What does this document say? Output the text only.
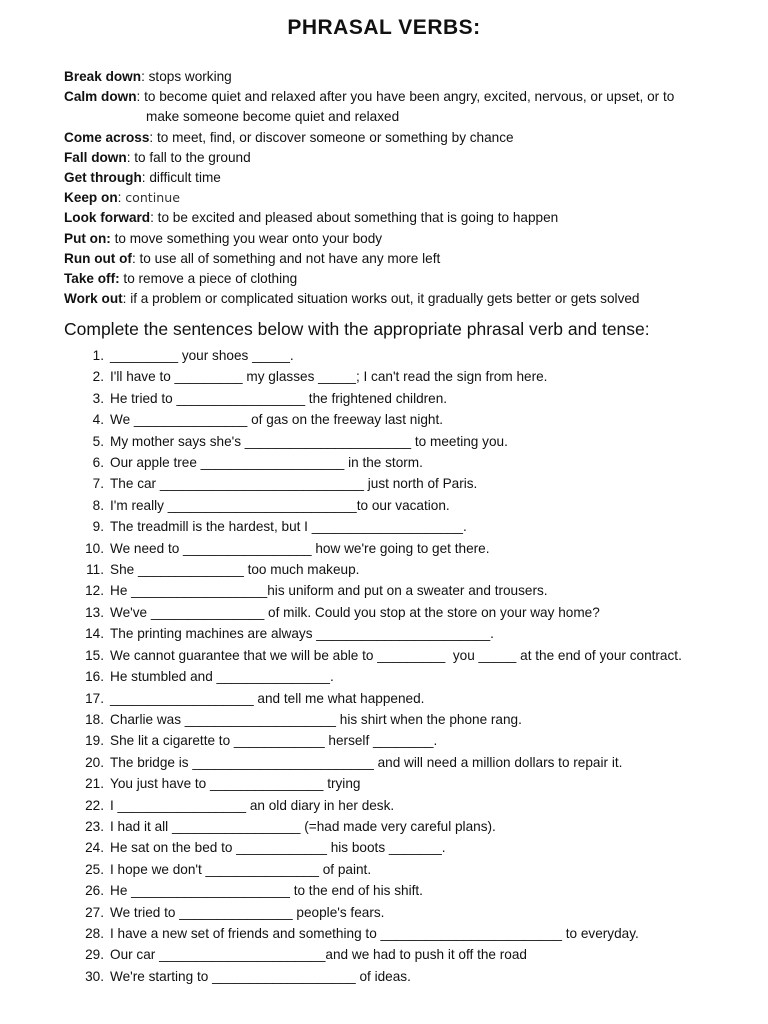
PHRASAL VERBS:
Break down: stops working
Calm down: to become quiet and relaxed after you have been angry, excited, nervous, or upset, or to
make someone become quiet and relaxed
Come across: to meet, find, or discover someone or something by chance
Fall down: to fall to the ground
Get through: difficult time
Keep on: continue
Look forward: to be excited and pleased about something that is going to happen
Put on: to move something you wear onto your body
Run out of: to use all of something and not have any more left
Take off: to remove a piece of clothing
Work out: if a problem or complicated situation works out, it gradually gets better or gets solved
Complete the sentences below with the appropriate phrasal verb and tense:
1. _________ your shoes _____.
2. I'll have to _________ my glasses _____; I can't read the sign from here.
3. He tried to _________________ the frightened children.
4. We _______________ of gas on the freeway last night.
5. My mother says she's ______________________ to meeting you.
6. Our apple tree ___________________ in the storm.
7. The car ___________________________ just north of Paris.
8. I'm really _________________________to our vacation.
9. The treadmill is the hardest, but I ____________________.
10. We need to _________________ how we're going to get there.
11. She ______________ too much makeup.
12. He __________________his uniform and put on a sweater and trousers.
13. We've _______________ of milk. Could you stop at the store on your way home?
14. The printing machines are always _______________________.
15. We cannot guarantee that we will be able to _________  you _____ at the end of your contract.
16. He stumbled and _______________.
17. ___________________ and tell me what happened.
18. Charlie was ____________________ his shirt when the phone rang.
19. She lit a cigarette to ____________ herself ________.
20. The bridge is ________________________ and will need a million dollars to repair it.
21. You just have to _______________ trying
22. I _________________ an old diary in her desk.
23. I had it all _________________ (=had made very careful plans).
24. He sat on the bed to ____________ his boots _______.
25. I hope we don't _______________ of paint.
26. He _____________________ to the end of his shift.
27. We tried to _______________ people's fears.
28. I have a new set of friends and something to ________________________ to everyday.
29. Our car ______________________and we had to push it off the road
30. We're starting to ___________________ of ideas.
